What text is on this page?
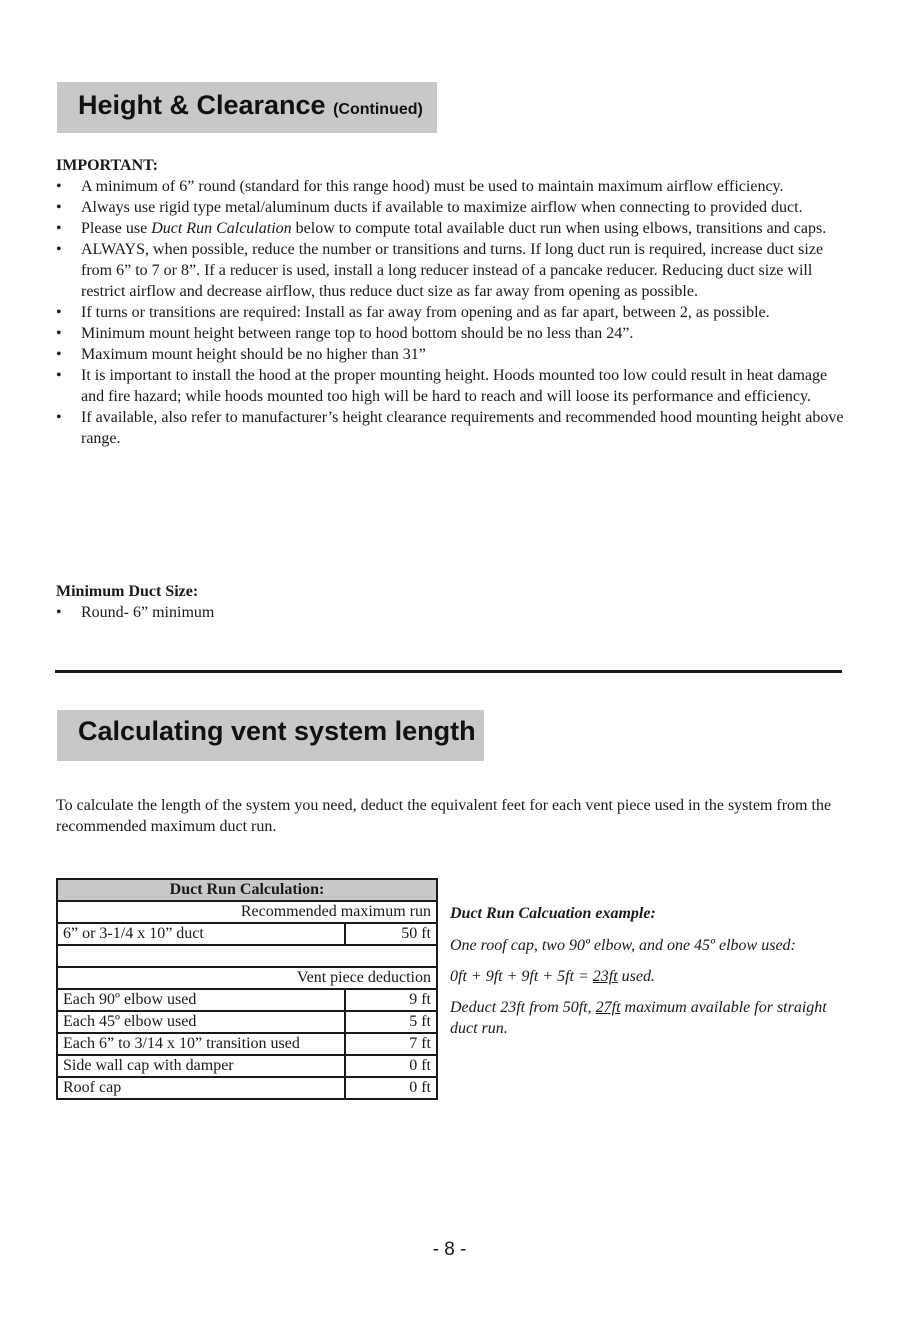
Height & Clearance (Continued)

IMPORTANT:

• A minimum of 6” round (standard for this range hood) must be used to maintain maximum airflow efficiency.
• Always use rigid type metal/aluminum ducts if available to maximize airflow when connecting to provided duct.
• Please use Duct Run Calculation below to compute total available duct run when using elbows, transitions and caps.
• ALWAYS, when possible, reduce the number or transitions and turns. If long duct run is required, increase duct size from 6” to 7 or 8”. If a reducer is used, install a long reducer instead of a pancake reducer. Reducing duct size will restrict airflow and decrease airflow, thus reduce duct size as far away from opening as possible.
• If turns or transitions are required: Install as far away from opening and as far apart, between 2, as possible.
• Minimum mount height between range top to hood bottom should be no less than 24”.
• Maximum mount height should be no higher than 31”
• It is important to install the hood at the proper mounting height. Hoods mounted too low could result in heat damage and fire hazard; while hoods mounted too high will be hard to reach and will loose its performance and efficiency.
• If available, also refer to manufacturer’s height clearance requirements and recommended hood mounting height above range.

Minimum Duct Size:

• Round- 6” minimum
Calculating vent system length

To calculate the length of the system you need, deduct the equivalent feet for each vent piece used in the system from the recommended maximum duct run.

Duct Run Calculation:	
Recommended maximum run	
6” or 3-1/4 x 10” duct	50 ft

Vent piece deduction	
Each 90º elbow used	9 ft
Each 45º elbow used	5 ft
Each 6” to 3/14 x 10” transition used	7 ft
Side wall cap with damper	0 ft
Roof cap	0 ft

Duct Run Calcuation example:

One roof cap, two 90º elbow, and one 45º elbow used:

0ft + 9ft + 9ft + 5ft = 23ft used.

Deduct 23ft from 50ft, 27ft maximum available for straight duct run.

- 8 -
